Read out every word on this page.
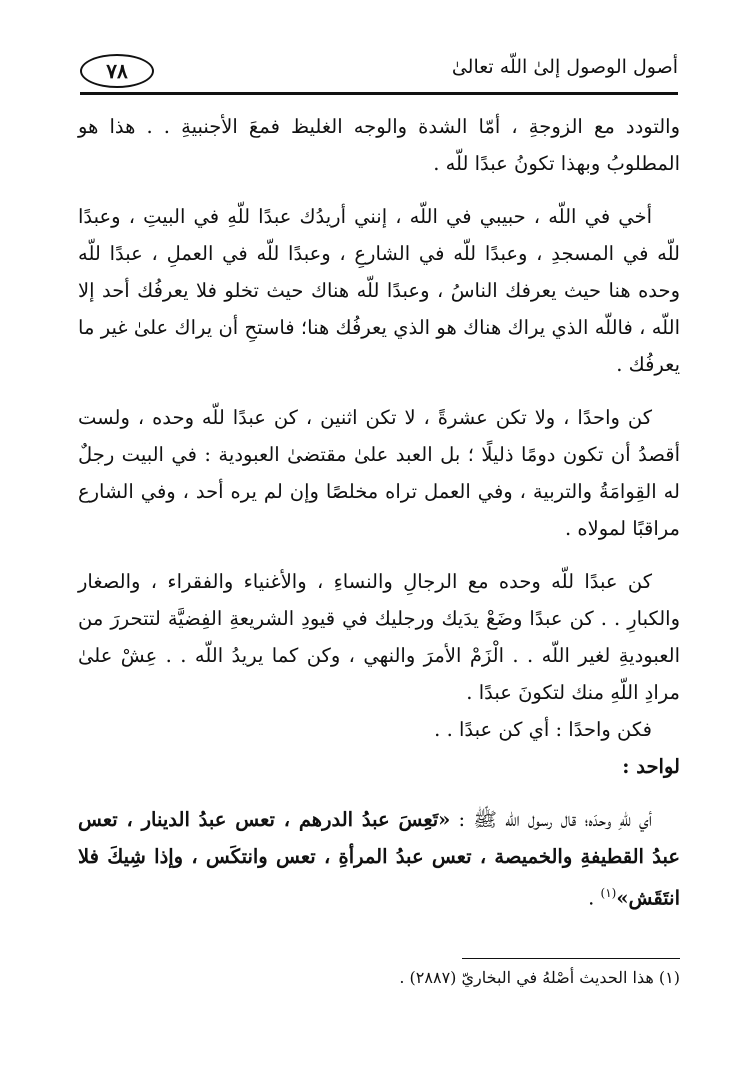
٧٨	أصول الوصول إلىٰ اللّه تعالىٰ

والتودد مع الزوجةِ ، أمّا الشدة والوجه الغليظ فمعَ الأجنبيةِ . . هذا هو المطلوبُ وبهذا تكونُ عبدًا للّه .

أخي في اللّه ، حبيبي في اللّه ، إنني أريدُك عبدًا للّهِ في البيتِ ، وعبدًا للّه في المسجدِ ، وعبدًا للّه في الشارعِ ، وعبدًا للّه في العملِ ، عبدًا للّه وحده هنا حيث يعرفك الناسُ ، وعبدًا للّه هناك حيث تخلو فلا يعرفُك أحد إلا اللّه ، فاللّه الذي يراك هناك هو الذي يعرفُك هنا؛ فاستحِ أن يراك علىٰ غير ما يعرفُك .

كن واحدًا ، ولا تكن عشرةً ، لا تكن اثنين ، كن عبدًا للّه وحده ، ولست أقصدُ أن تكون دومًا ذليلًا ؛ بل العبد علىٰ مقتضىٰ العبودية : في البيت رجلٌ له القِوامَةُ والتربية ، وفي العمل تراه مخلصًا وإن لم يره أحد ، وفي الشارع مراقبًا لمولاه .

كن عبدًا للّه وحده مع الرجالِ والنساءِ ، والأغنياء والفقراء ، والصغار والكبارِ . . كن عبدًا وضَعْ يدَيك ورجليك في قيودِ الشريعةِ الفِضيَّة لتتحررَ من العبوديةِ لغير اللّه . . الْزَمْ الأمرَ والنهي ، وكن كما يريدُ اللّه . . عِشْ علىٰ مرادِ اللّهِ منك لتكونَ عبدًا .

فكن واحدًا : أي كن عبدًا . .

لواحد :

أي للّهِ وحدَه؛ قال رسول اللّه ﷺ : «تَعِسَ عبدُ الدرهم ، تعس عبدُ الدينار ، تعس عبدُ القطيفةِ والخميصة ، تعس عبدُ المرأةِ ، تعس وانتكَس ، وإذا شِيكَ فلا انتَقَش»$^{(١)}$ .

(١) هذا الحديث أصْلهُ في البخاريّ (٢٨٨٧) .
